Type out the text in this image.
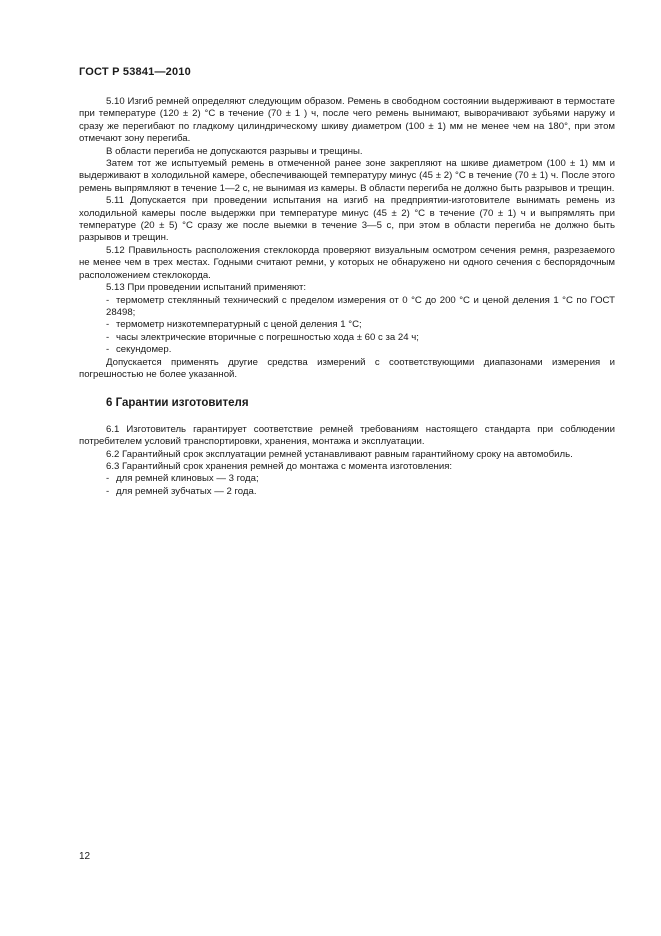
ГОСТ Р 53841—2010

5.10 Изгиб ремней определяют следующим образом. Ремень в свободном состоянии выдерживают в термостате при температуре (120 ± 2) °C в течение (70 ± 1 ) ч, после чего ремень вынимают, выворачивают зубьями наружу и сразу же перегибают по гладкому цилиндрическому шкиву диаметром (100 ± 1) мм не менее чем на 180°, при этом отмечают зону перегиба.

В области перегиба не допускаются разрывы и трещины.

Затем тот же испытуемый ремень в отмеченной ранее зоне закрепляют на шкиве диаметром (100 ± 1) мм и выдерживают в холодильной камере, обеспечивающей температуру минус (45 ± 2) °C в течение (70 ± 1) ч. После этого ремень выпрямляют в течение 1—2 с, не вынимая из камеры. В области перегиба не должно быть разрывов и трещин.

5.11 Допускается при проведении испытания на изгиб на предприятии-изготовителе вынимать ремень из холодильной камеры после выдержки при температуре минус (45 ± 2) °C в течение (70 ± 1) ч и выпрямлять при температуре (20 ± 5) °C сразу же после выемки в течение 3—5 с, при этом в области перегиба не должно быть разрывов и трещин.

5.12 Правильность расположения стеклокорда проверяют визуальным осмотром сечения ремня, разрезаемого не менее чем в трех местах. Годными считают ремни, у которых не обнаружено ни одного сечения с беспорядочным расположением стеклокорда.

5.13 При проведении испытаний применяют:

- термометр стеклянный технический с пределом измерения от 0 °C до 200 °C и ценой деления 1 °C по ГОСТ 28498;
- термометр низкотемпературный с ценой деления 1 °C;
- часы электрические вторичные с погрешностью хода ± 60 с за 24 ч;
- секундомер.

Допускается применять другие средства измерений с соответствующими диапазонами измерения и погрешностью не более указанной.

6 Гарантии изготовителя

6.1 Изготовитель гарантирует соответствие ремней требованиям настоящего стандарта при соблюдении потребителем условий транспортировки, хранения, монтажа и эксплуатации.

6.2 Гарантийный срок эксплуатации ремней устанавливают равным гарантийному сроку на автомобиль.

6.3 Гарантийный срок хранения ремней до монтажа с момента изготовления:

- для ремней клиновых — 3 года;
- для ремней зубчатых — 2 года.
12
